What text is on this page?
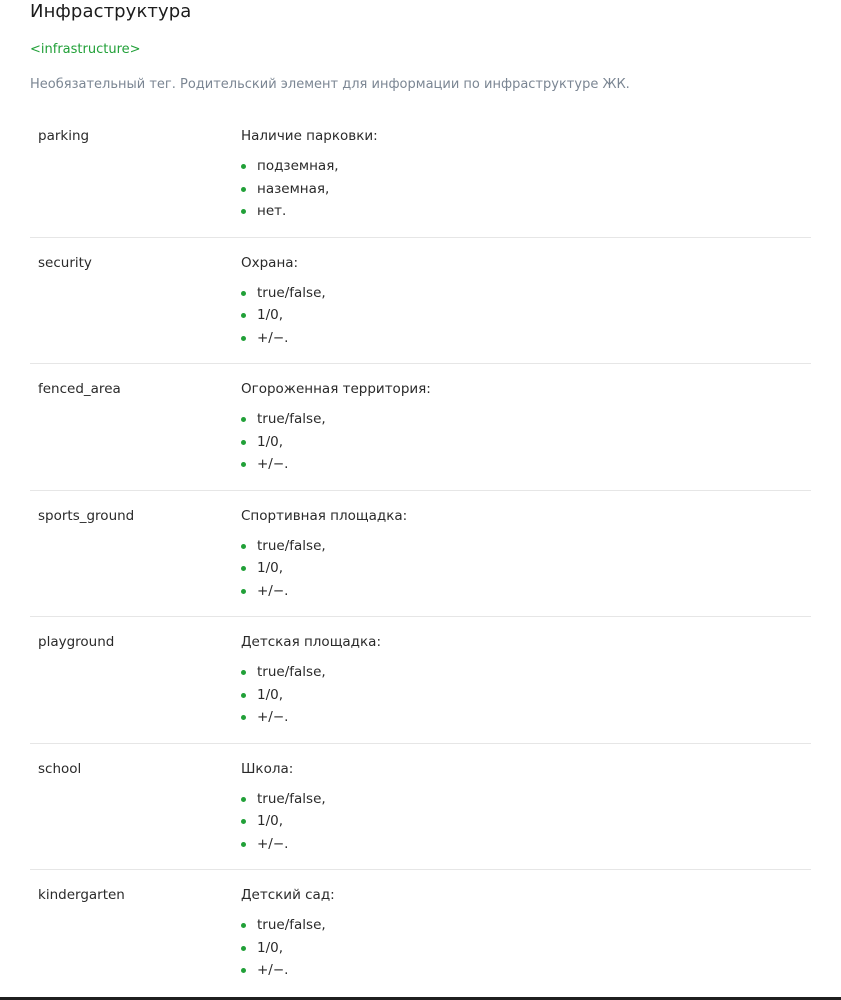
Инфраструктура
<infrastructure>
Необязательный тег. Родительский элемент для информации по инфраструктуре ЖК.
parking	Наличие парковки:
подземная,
наземная,
нет.
security	Охрана:
true/false,
1/0,
+/−.
fenced_area	Огороженная территория:
true/false,
1/0,
+/−.
sports_ground	Спортивная площадка:
true/false,
1/0,
+/−.
playground	Детская площадка:
true/false,
1/0,
+/−.
school	Школа:
true/false,
1/0,
+/−.
kindergarten	Детский сад:
true/false,
1/0,
+/−.
